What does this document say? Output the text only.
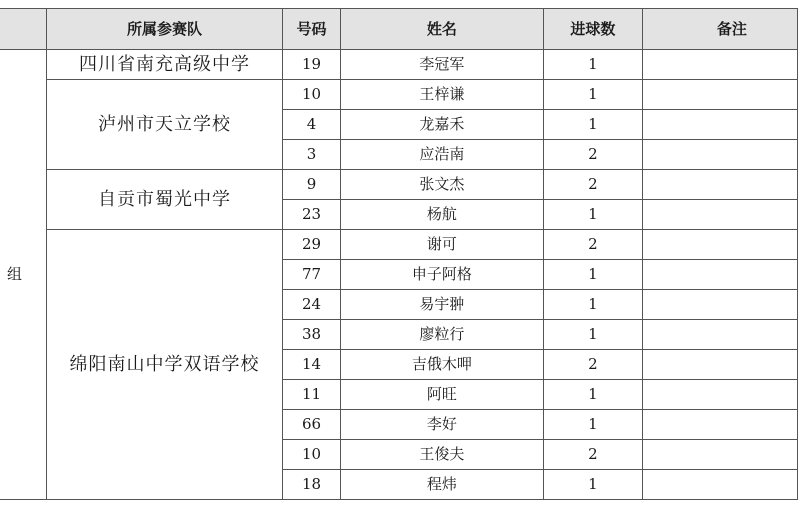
	所属参赛队	号码	姓名	进球数	备注
组	四川省南充高级中学	19	李冠军	1	
	泸州市天立学校	10	王梓谦	1	
		4	龙嘉禾	1	
		3	应浩南	2	
	自贡市蜀光中学	9	张文杰	2	
		23	杨航	1	
	绵阳南山中学双语学校	29	谢可	2	
		77	申子阿格	1	
		24	易宇翀	1	
		38	廖粒行	1	
		14	吉俄木呷	2	
		11	阿旺	1	
		66	李好	1	
		10	王俊夫	2	
		18	程炜	1	
